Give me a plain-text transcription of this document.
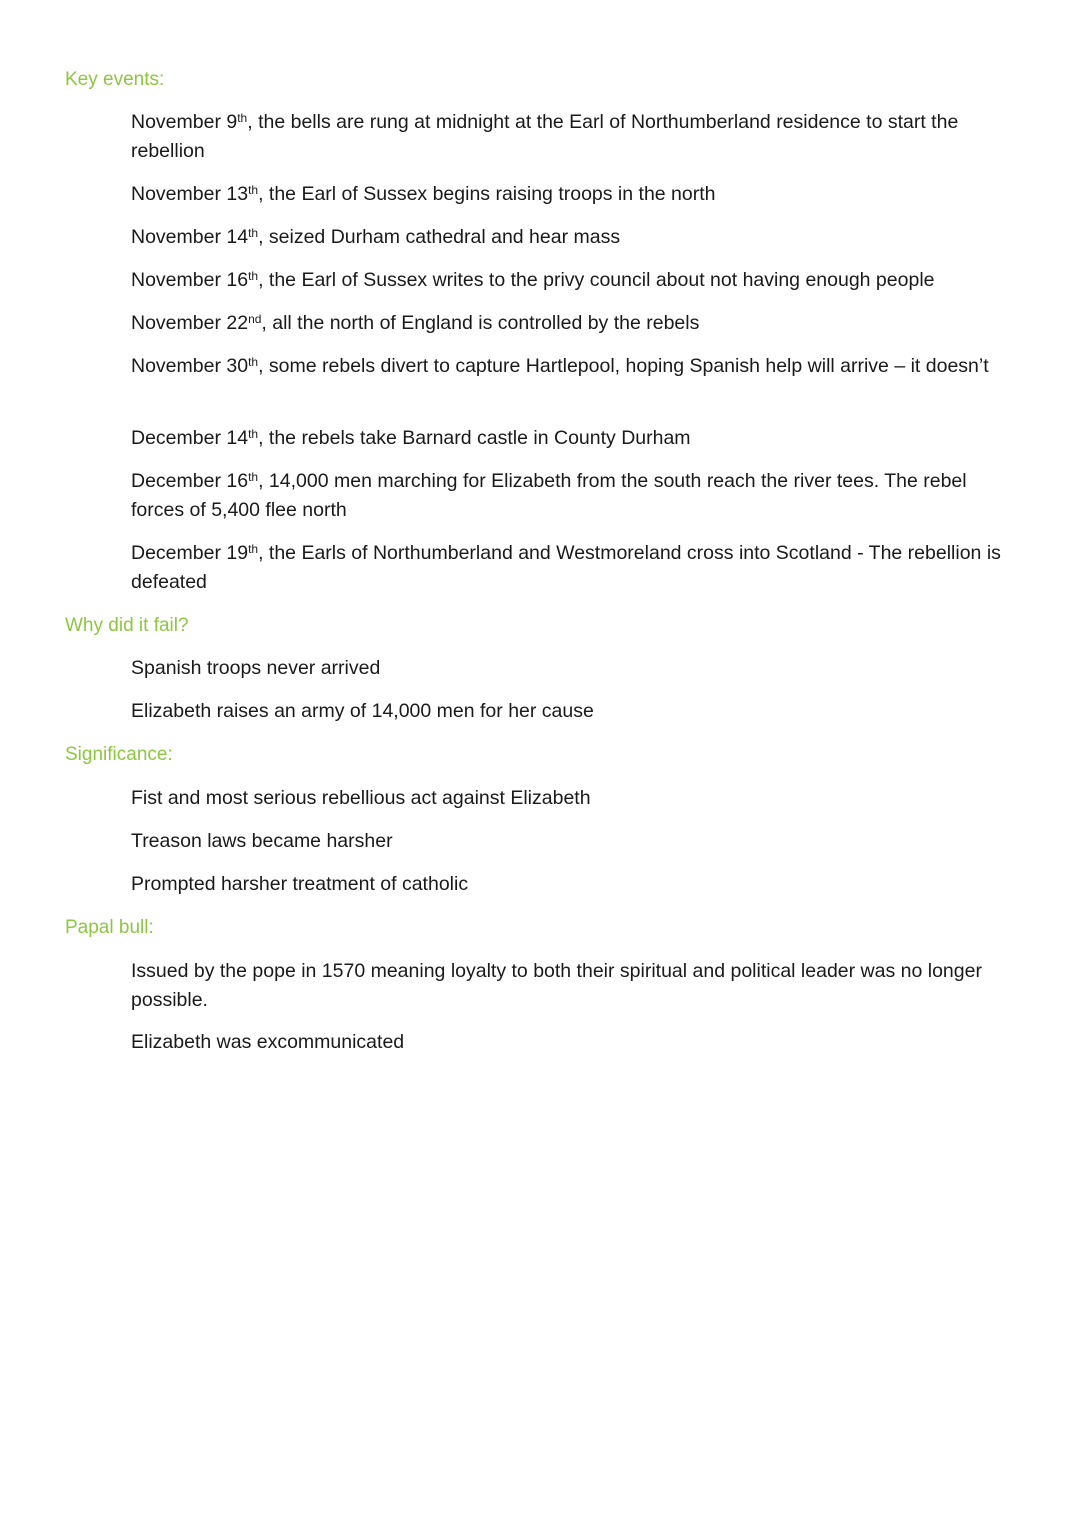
Key events:
November 9th, the bells are rung at midnight at the Earl of Northumberland residence to start the rebellion
November 13th, the Earl of Sussex begins raising troops in the north
November 14th, seized Durham cathedral and hear mass
November 16th, the Earl of Sussex writes to the privy council about not having enough people
November 22nd, all the north of England is controlled by the rebels
November 30th, some rebels divert to capture Hartlepool, hoping Spanish help will arrive – it doesn’t
December 14th, the rebels take Barnard castle in County Durham
December 16th, 14,000 men marching for Elizabeth from the south reach the river tees. The rebel forces of 5,400 flee north
December 19th, the Earls of Northumberland and Westmoreland cross into Scotland - The rebellion is defeated
Why did it fail?
Spanish troops never arrived
Elizabeth raises an army of 14,000 men for her cause
Significance:
Fist and most serious rebellious act against Elizabeth
Treason laws became harsher
Prompted harsher treatment of catholic
Papal bull:
Issued by the pope in 1570 meaning loyalty to both their spiritual and political leader was no longer possible.
Elizabeth was excommunicated
